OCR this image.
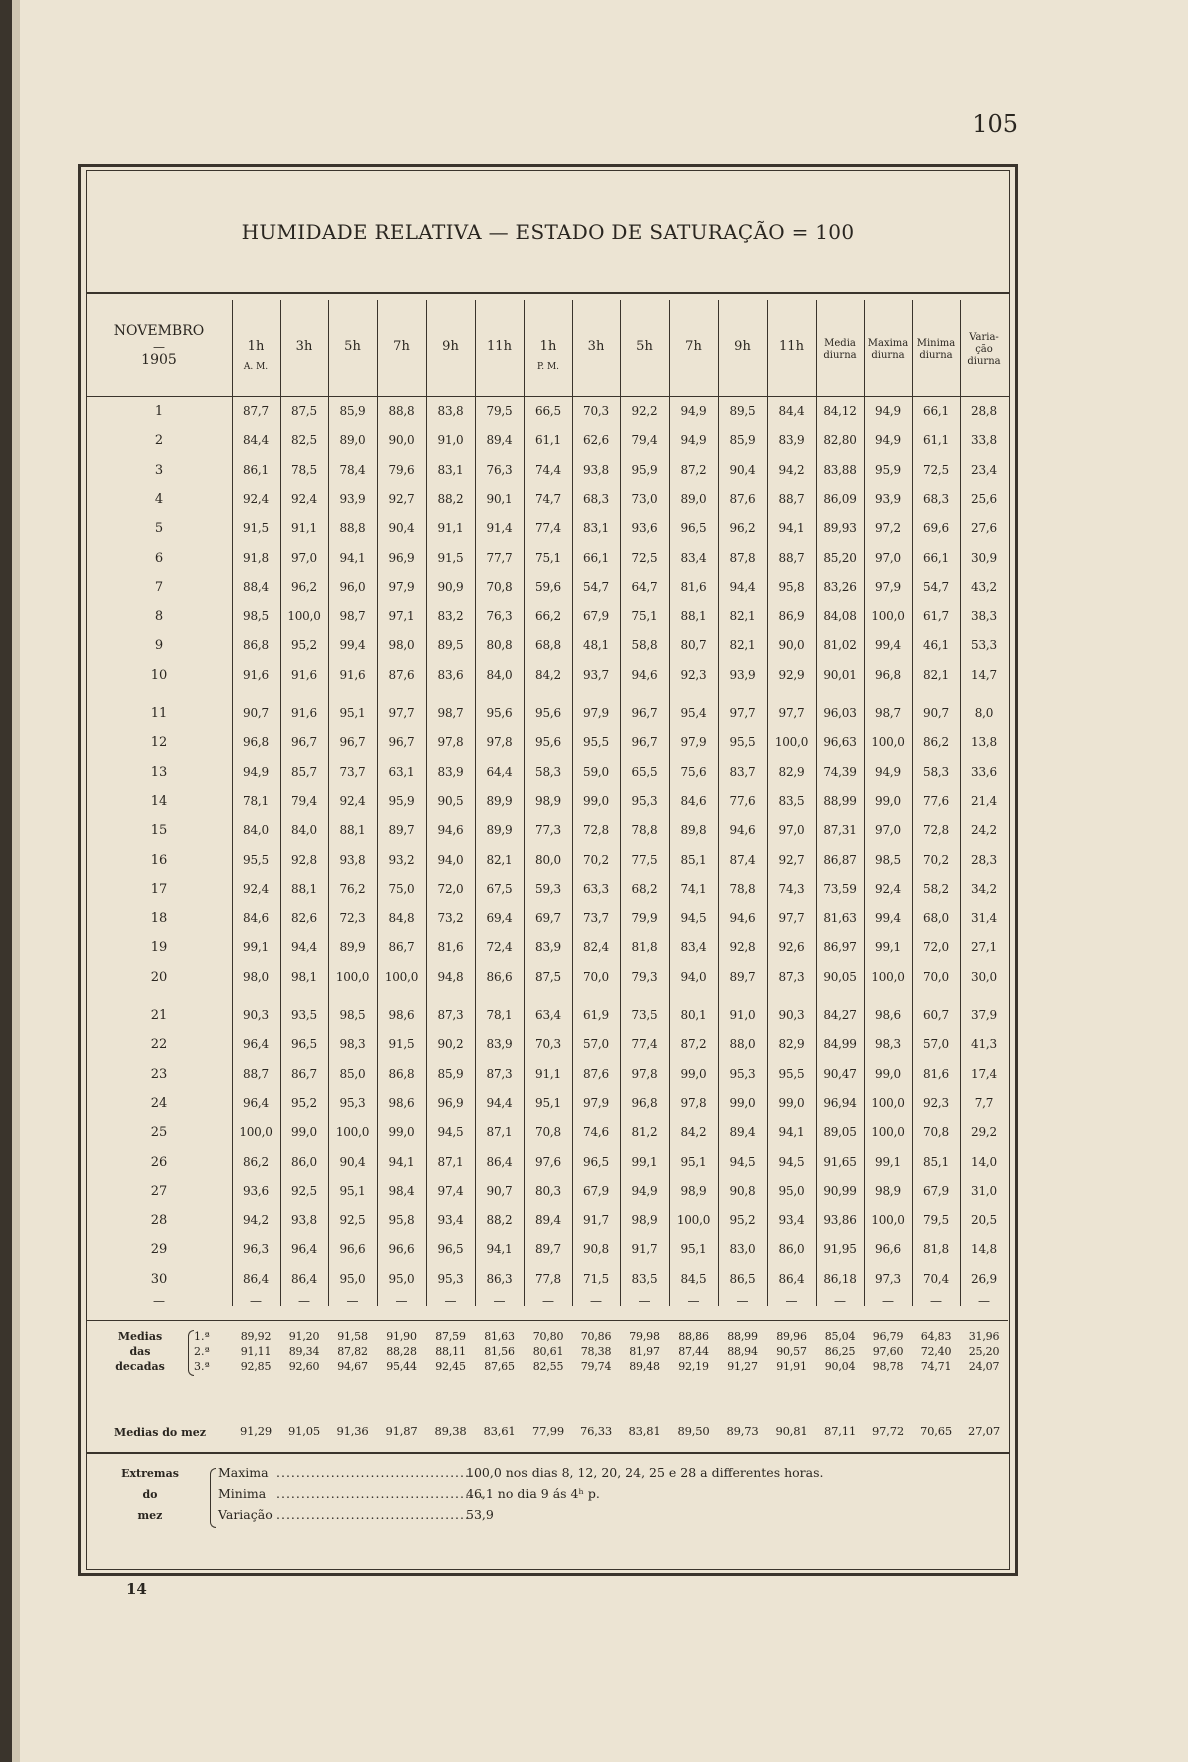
105
HUMIDADE RELATIVA — ESTADO DE SATURAÇÃO = 100
NOVEMBRO
—
1905
1h
A. M.
3h	5h	7h	9h	11h	1h
P. M.
3h	5h	7h	9h	11h	Media
diurna
Maxima
diurna
Minima
diurna
Varia-
ção
diurna
1	87,7	87,5	85,9	88,8	83,8	79,5	66,5	70,3	92,2	94,9	89,5	84,4	84,12	94,9	66,1	28,8
2	84,4	82,5	89,0	90,0	91,0	89,4	61,1	62,6	79,4	94,9	85,9	83,9	82,80	94,9	61,1	33,8
3	86,1	78,5	78,4	79,6	83,1	76,3	74,4	93,8	95,9	87,2	90,4	94,2	83,88	95,9	72,5	23,4
4	92,4	92,4	93,9	92,7	88,2	90,1	74,7	68,3	73,0	89,0	87,6	88,7	86,09	93,9	68,3	25,6
5	91,5	91,1	88,8	90,4	91,1	91,4	77,4	83,1	93,6	96,5	96,2	94,1	89,93	97,2	69,6	27,6
6	91,8	97,0	94,1	96,9	91,5	77,7	75,1	66,1	72,5	83,4	87,8	88,7	85,20	97,0	66,1	30,9
7	88,4	96,2	96,0	97,9	90,9	70,8	59,6	54,7	64,7	81,6	94,4	95,8	83,26	97,9	54,7	43,2
8	98,5	100,0	98,7	97,1	83,2	76,3	66,2	67,9	75,1	88,1	82,1	86,9	84,08	100,0	61,7	38,3
9	86,8	95,2	99,4	98,0	89,5	80,8	68,8	48,1	58,8	80,7	82,1	90,0	81,02	99,4	46,1	53,3
10	91,6	91,6	91,6	87,6	83,6	84,0	84,2	93,7	94,6	92,3	93,9	92,9	90,01	96,8	82,1	14,7
11	90,7	91,6	95,1	97,7	98,7	95,6	95,6	97,9	96,7	95,4	97,7	97,7	96,03	98,7	90,7	8,0
12	96,8	96,7	96,7	96,7	97,8	97,8	95,6	95,5	96,7	97,9	95,5	100,0	96,63	100,0	86,2	13,8
13	94,9	85,7	73,7	63,1	83,9	64,4	58,3	59,0	65,5	75,6	83,7	82,9	74,39	94,9	58,3	33,6
14	78,1	79,4	92,4	95,9	90,5	89,9	98,9	99,0	95,3	84,6	77,6	83,5	88,99	99,0	77,6	21,4
15	84,0	84,0	88,1	89,7	94,6	89,9	77,3	72,8	78,8	89,8	94,6	97,0	87,31	97,0	72,8	24,2
16	95,5	92,8	93,8	93,2	94,0	82,1	80,0	70,2	77,5	85,1	87,4	92,7	86,87	98,5	70,2	28,3
17	92,4	88,1	76,2	75,0	72,0	67,5	59,3	63,3	68,2	74,1	78,8	74,3	73,59	92,4	58,2	34,2
18	84,6	82,6	72,3	84,8	73,2	69,4	69,7	73,7	79,9	94,5	94,6	97,7	81,63	99,4	68,0	31,4
19	99,1	94,4	89,9	86,7	81,6	72,4	83,9	82,4	81,8	83,4	92,8	92,6	86,97	99,1	72,0	27,1
20	98,0	98,1	100,0	100,0	94,8	86,6	87,5	70,0	79,3	94,0	89,7	87,3	90,05	100,0	70,0	30,0
21	90,3	93,5	98,5	98,6	87,3	78,1	63,4	61,9	73,5	80,1	91,0	90,3	84,27	98,6	60,7	37,9
22	96,4	96,5	98,3	91,5	90,2	83,9	70,3	57,0	77,4	87,2	88,0	82,9	84,99	98,3	57,0	41,3
23	88,7	86,7	85,0	86,8	85,9	87,3	91,1	87,6	97,8	99,0	95,3	95,5	90,47	99,0	81,6	17,4
24	96,4	95,2	95,3	98,6	96,9	94,4	95,1	97,9	96,8	97,8	99,0	99,0	96,94	100,0	92,3	7,7
25	100,0	99,0	100,0	99,0	94,5	87,1	70,8	74,6	81,2	84,2	89,4	94,1	89,05	100,0	70,8	29,2
26	86,2	86,0	90,4	94,1	87,1	86,4	97,6	96,5	99,1	95,1	94,5	94,5	91,65	99,1	85,1	14,0
27	93,6	92,5	95,1	98,4	97,4	90,7	80,3	67,9	94,9	98,9	90,8	95,0	90,99	98,9	67,9	31,0
28	94,2	93,8	92,5	95,8	93,4	88,2	89,4	91,7	98,9	100,0	95,2	93,4	93,86	100,0	79,5	20,5
29	96,3	96,4	96,6	96,6	96,5	94,1	89,7	90,8	91,7	95,1	83,0	86,0	91,95	96,6	81,8	14,8
30	86,4	86,4	95,0	95,0	95,3	86,3	77,8	71,5	83,5	84,5	86,5	86,4	86,18	97,3	70,4	26,9
—	—	—	—	—	—	—	—	—	—	—	—	—	—	—	—	—
Medias
das
decadas
1.ª
2.ª
3.ª
89,92	91,20	91,58	91,90	87,59	81,63	70,80	70,86	79,98	88,86	88,99	89,96	85,04	96,79	64,83	31,96
91,11	89,34	87,82	88,28	88,11	81,56	80,61	78,38	81,97	87,44	88,94	90,57	86,25	97,60	72,40	25,20
92,85	92,60	94,67	95,44	92,45	87,65	82,55	79,74	89,48	92,19	91,27	91,91	90,04	98,78	74,71	24,07
Medias do mez	91,29	91,05	91,36	91,87	89,38	83,61	77,99	76,33	83,81	89,50	89,73	90,81	87,11	97,72	70,65	27,07
Extremas
do
mez
Maxima .........................................
100,0 nos dias 8, 12, 20, 24, 25 e 28 a differentes horas.
Minima ..........................................
46,1 no dia 9 ás 4ʰ p.
Variação .......................................
53,9
14
